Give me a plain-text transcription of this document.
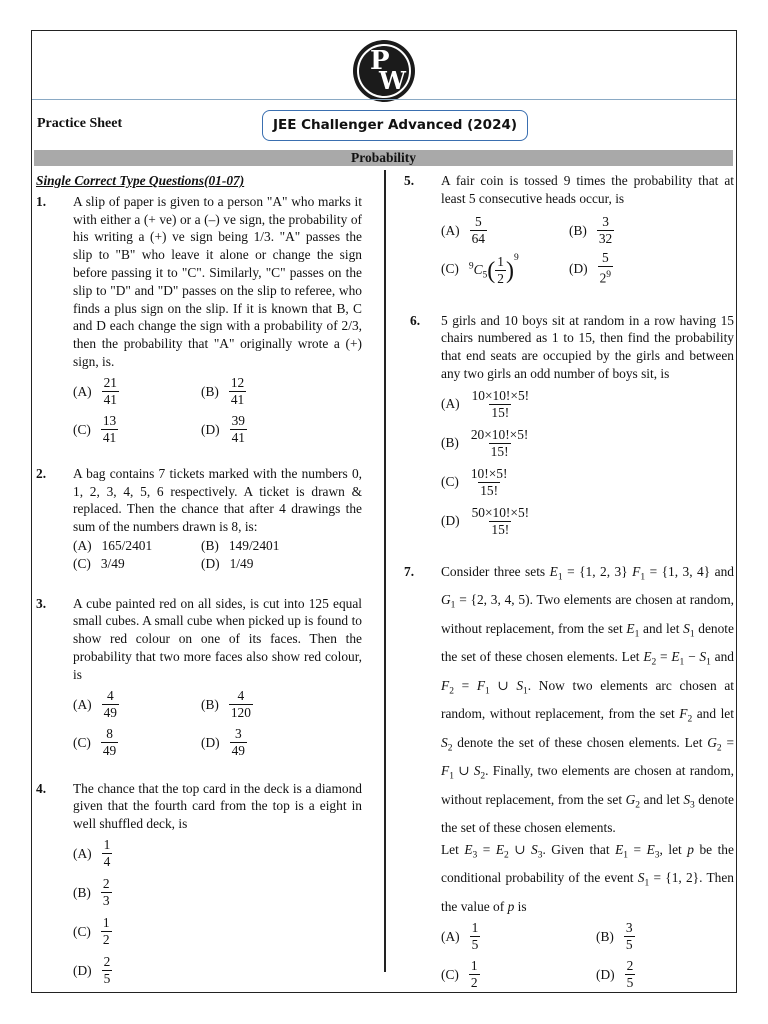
P
W
Practice Sheet	JEE Challenger Advanced (2024)
Probability
Single Correct Type Questions(01-07)
1. A slip of paper is given to a person "A" who marks it with either a (+ ve) or a (–) ve sign, the probability of his writing a (+) ve sign being 1/3. "A" passes the slip to "B" who leave it alone or change the sign before passing it to "C". Similarly, "C" passes on the slip to "D" and "D" passes on the slip to referee, who finds a plus sign on the slip. If it is known that B, C and D each change the sign with a probability of 2/3, then the probability that "A" originally wrote a (+) sign, is.
$(A) \frac{21}{41}$	$(B) \frac{12}{41}$
$(C) \frac{13}{41}$	$(D) \frac{39}{41}$
2. A bag contains 7 tickets marked with the numbers 0, 1, 2, 3, 4, 5, 6 respectively. A ticket is drawn & replaced. Then the chance that after 4 drawings the sum of the numbers drawn is 8, is:
(A) 165/2401	(B) 149/2401
(C) 3/49	(D) 1/49
3. A cube painted red on all sides, is cut into 125 equal small cubes. A small cube when picked up is found to show red colour on one of its faces. Then the probability that two more faces also show red colour, is
$(A) \frac{4}{49}$	$(B) \frac{4}{120}$
$(C) \frac{8}{49}$	$(D) \frac{3}{49}$
4. The chance that the top card in the deck is a diamond given that the fourth card from the top is a eight in well shuffled deck, is
$(A) \frac{1}{4}$
$(B) \frac{2}{3}$
$(C) \frac{1}{2}$
$(D) \frac{2}{5}$
5. A fair coin is tossed 9 times the probability that at least 5 consecutive heads occur, is
$(A) \frac{5}{64}$	$(B) \frac{3}{32}$
(C) $^9C_5( \frac{1}{2} )^9$
$(D) \frac{5}{2^9}$
6. 5 girls and 10 boys sit at random in a row having 15 chairs numbered as 1 to 15, then find the probability that end seats are occupied by the girls and between any two girls an odd number of boys sit, is
$(A) \frac{10\times 10!\times 5!}{15!}$
$(B) \frac{20\times 10!\times 5!}{15!}$
$(C) \frac{10!\times 5!}{15!}$
$(D) \frac{50\times 10!\times 5!}{15!}$
7. Consider three sets $E_1 = \{1$, 2, 3} $F_1 = \{1$, 3, 4} and $G_1 = \{2$, 3, 4, 5). Two elements are chosen at random, without replacement, from the set $E_1$ and let $S_1$ denote the set of these chosen elements. Let $E_2 = E_1 - S_1$ and $F_2 = F_1$ ∪ $S_1$. Now two elements arc chosen at random, without replacement, from the set $F_2$ and let $S_2$ denote the set of these chosen elements. Let $G_2 = F_1$ ∪ $S_2$. Finally, two elements are chosen at random, without replacement, from the set $G_2$ and let $S_3$ denote the set of these chosen elements.
Let $E_3 = E_2$ ∪ $S_3$. Given that $E_1 = E_3$, let p be the conditional probability of the event $S_1 = \{1$, 2}. Then the value of p is
$(A) \frac{1}{5}$	$(B) \frac{3}{5}$
$(C) \frac{1}{2}$	$(D) \frac{2}{5}$
